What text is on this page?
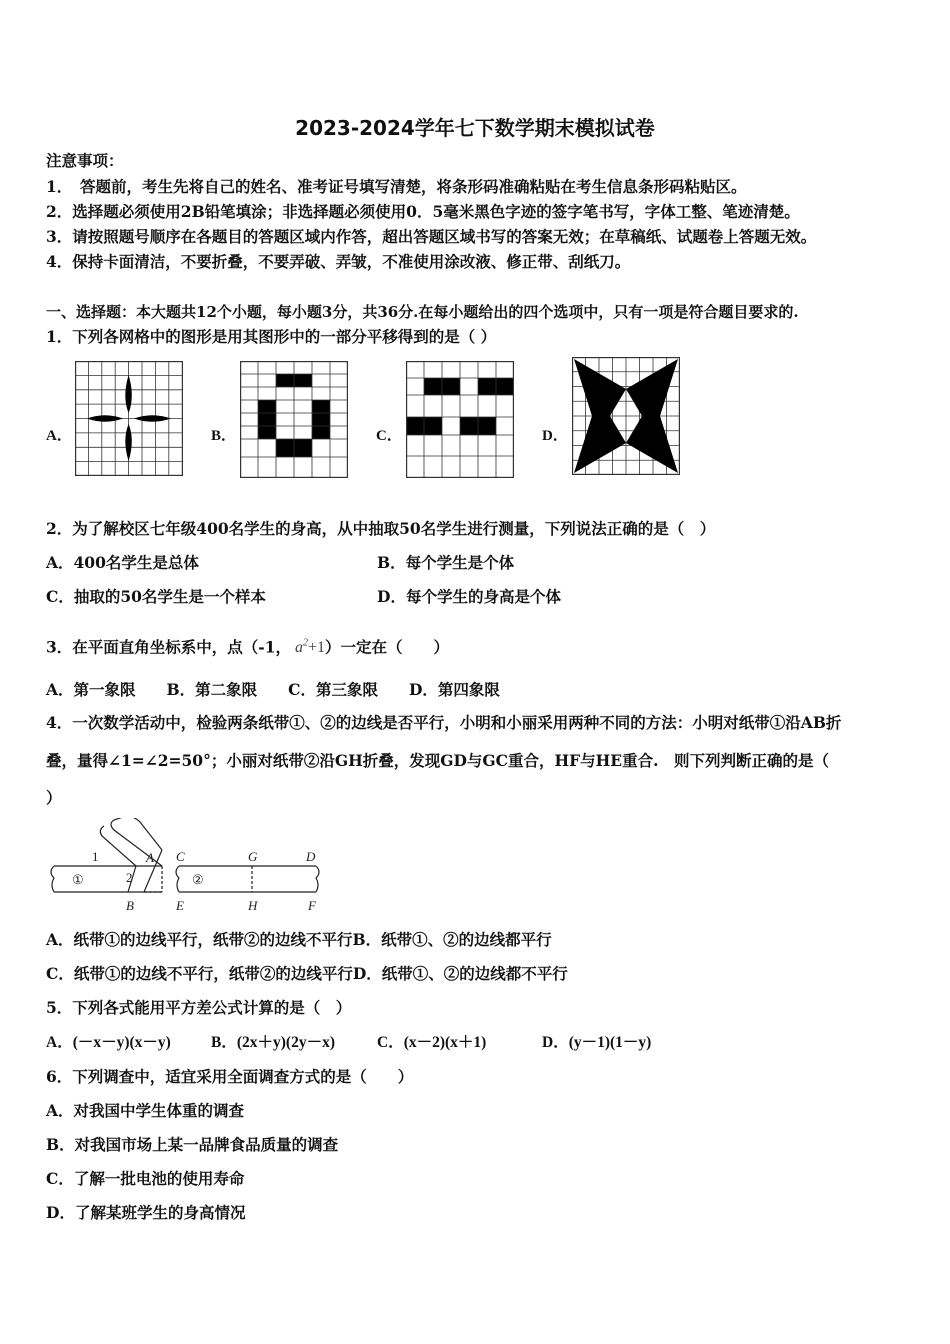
2023-2024学年七下数学期末模拟试卷
注意事项：
1．　答题前，考生先将自己的姓名、准考证号填写清楚，将条形码准确粘贴在考生信息条形码粘贴区。
2．选择题必须使用2B铅笔填涂；非选择题必须使用0．5毫米黑色字迹的签字笔书写，字体工整、笔迹清楚。
3．请按照题号顺序在各题目的答题区域内作答，超出答题区域书写的答案无效；在草稿纸、试题卷上答题无效。
4．保持卡面清洁，不要折叠，不要弄破、弄皱，不准使用涂改液、修正带、刮纸刀。
一、选择题：本大题共12个小题，每小题3分，共36分.在每小题给出的四个选项中，只有一项是符合题目要求的.
1．下列各网格中的图形是用其图形中的一部分平移得到的是（ ）
A．	B．	C．	D．
2．为了解校区七年级400名学生的身高，从中抽取50名学生进行测量，下列说法正确的是（　）
A．400名学生是总体	B．每个学生是个体
C．抽取的50名学生是一个样本	D．每个学生的身高是个体
3．在平面直角坐标系中，点（-1， $a^2+1$）一定在（　　）
A．第一象限　　B．第二象限　　C．第三象限　　D．第四象限
4．一次数学活动中，检验两条纸带①、②的边线是否平行，小明和小丽采用两种不同的方法：小明对纸带①沿AB折
叠，量得∠1=∠2=50°；小丽对纸带②沿GH折叠，发现GD与GC重合，HF与HE重合.　则下列判断正确的是（
）
①
1
2
A
B
②
C	G	D
E	H	F
A．纸带①的边线平行，纸带②的边线不平行B．纸带①、②的边线都平行
C．纸带①的边线不平行，纸带②的边线平行D．纸带①、②的边线都不平行
5．下列各式能用平方差公式计算的是（　）
A．(－x－y)(x－y)	B．(2x＋y)(2y－x)	C．(x－2)(x＋1)	D．(y－1)(1－y)
6．下列调查中，适宜采用全面调查方式的是（　　）
A．对我国中学生体重的调查
B．对我国市场上某一品牌食品质量的调查
C．了解一批电池的使用寿命
D．了解某班学生的身高情况
